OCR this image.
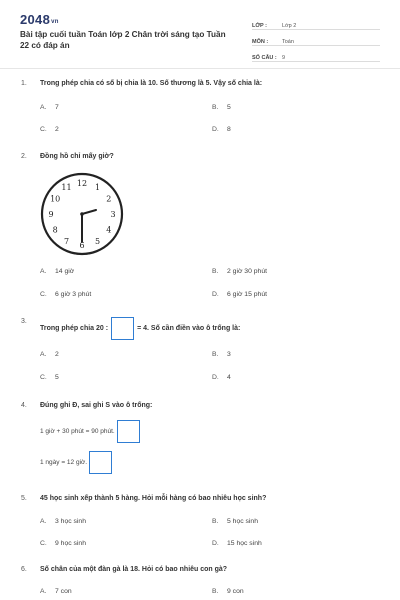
2048vn
Bài tập cuối tuần Toán lớp 2 Chân trời sáng tạo Tuần 22 có đáp án
LỚP :	Lớp 2
MÔN :	Toán
SỐ CÂU : 9
1. Trong phép chia có số bị chia là 10. Số thương là 5. Vậy số chia là:
A. 7	B. 5
C. 2	D. 8
2. Đồng hồ chỉ mấy giờ?
12 1
2
3
4
5
6
7
8
9
10
11
A. 14 giờ	B. 2 giờ 30 phút
C. 6 giờ 3 phút	D. 6 giờ 15 phút
3.
Trong phép chia 20 :	= 4. Số cần điền vào ô trống là:
A. 2	B. 3
C. 5	D. 4
4. Đúng ghi Đ, sai ghi S vào ô trống:
1 giờ + 30 phút = 90 phút.
1 ngày = 12 giờ.
5. 45 học sinh xếp thành 5 hàng. Hỏi mỗi hàng có bao nhiêu học sinh?
A. 3 học sinh	B. 5 học sinh
C. 9 học sinh	D. 15 học sinh
6. Số chân của một đàn gà là 18. Hỏi có bao nhiêu con gà?
A. 7 con	B. 9 con
